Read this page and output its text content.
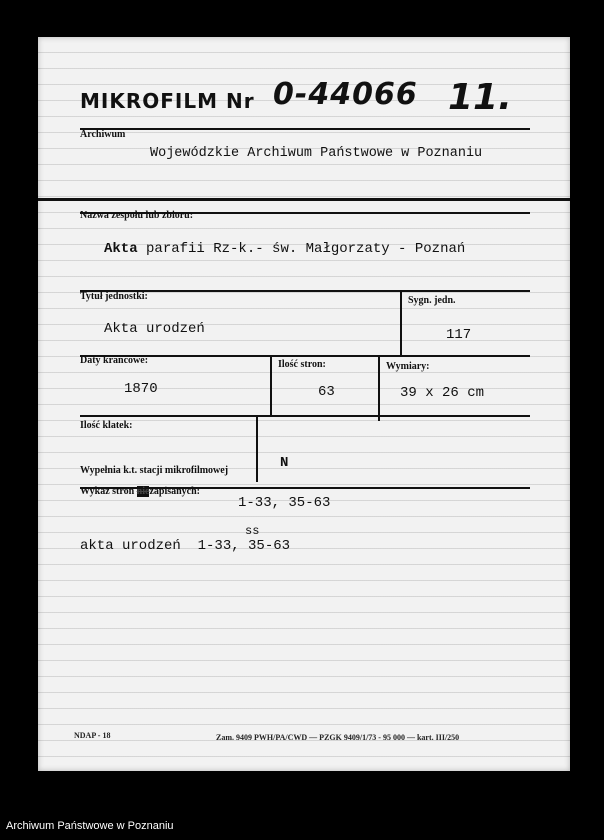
MIKROFILM Nr 0-44066 11.
Archiwum
Wojewódzkie Archiwum Państwowe w Poznaniu
Nazwa zespołu lub zbioru:
Akta parafii Rz-k.- św. Małgorzaty - Poznań
Tytuł jednostki:
Akta urodzeń
Sygn. jedn.
117
Daty krańcowe:
1870
Ilość stron:
63
Wymiary:
39 x 26 cm
Ilość klatek:
Wypełnia k.t. stacji mikrofilmowej	N
Wykaz stron niezapisanych:
1-33, 35-63
ss
akta urodzeń  1-33, 35-63
NDAP - 18	Zam. 9409 PWH/PA/CWD — PZGK 9409/1/73 - 95 000 — kart. III/250
Archiwum Państwowe w Poznaniu
